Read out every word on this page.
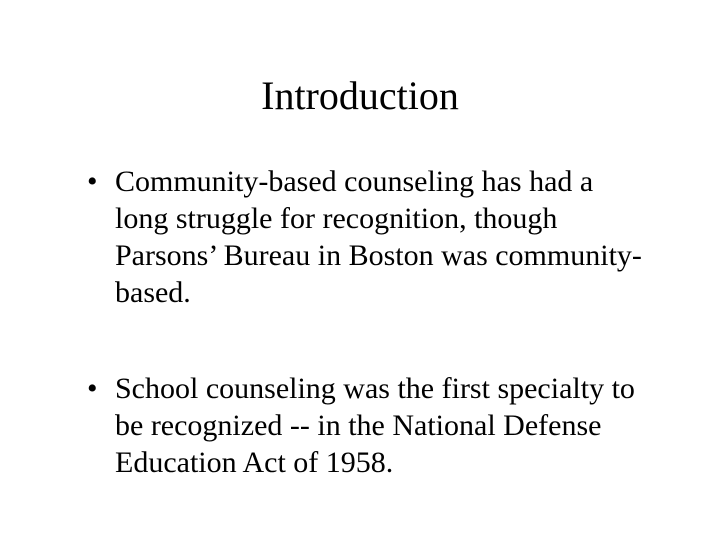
Introduction
• Community-based counseling has had a
long struggle for recognition, though
Parsons’ Bureau in Boston was community-
based.
• School counseling was the first specialty to
be recognized -- in the National Defense
Education Act of 1958.
